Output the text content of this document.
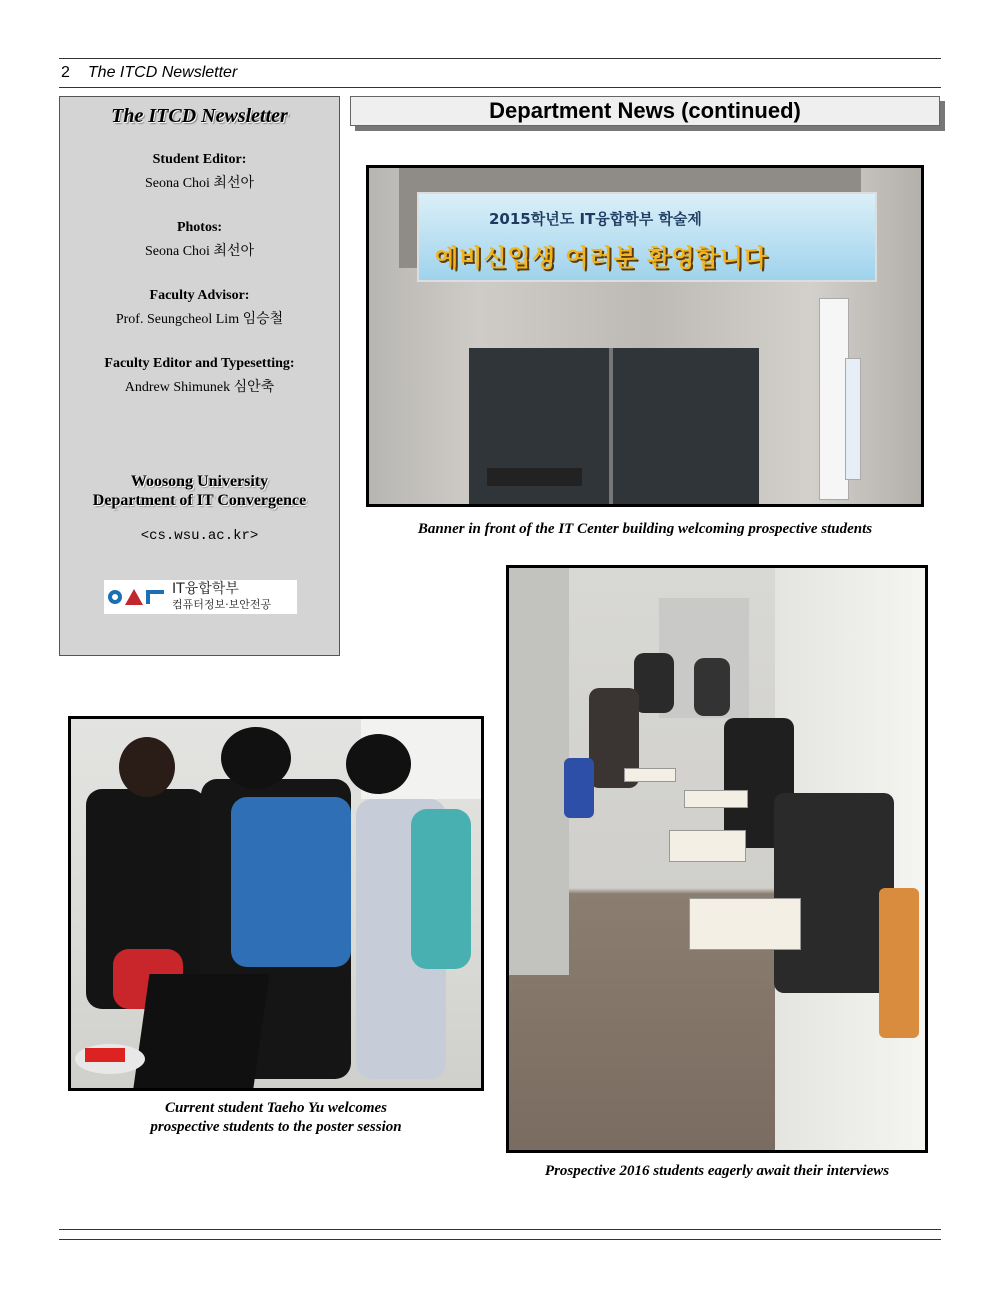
2 The ITCD Newsletter
The ITCD Newsletter
Student Editor:
Seona Choi 최선아
Photos:
Seona Choi 최선아
Faculty Advisor:
Prof. Seungcheol Lim 임승철
Faculty Editor and Typesetting:
Andrew Shimunek 심안축
Woosong University
Department of IT Convergence
<cs.wsu.ac.kr>
IT융합학부
컴퓨터정보·보안전공
Department News (continued)
2015학년도 IT융합학부 학술제
예비신입생 여러분 환영합니다
Banner in front of the IT Center building welcoming prospective students
Prospective 2016 students eagerly await their interviews
Current student Taeho Yu welcomes
prospective students to the poster session
